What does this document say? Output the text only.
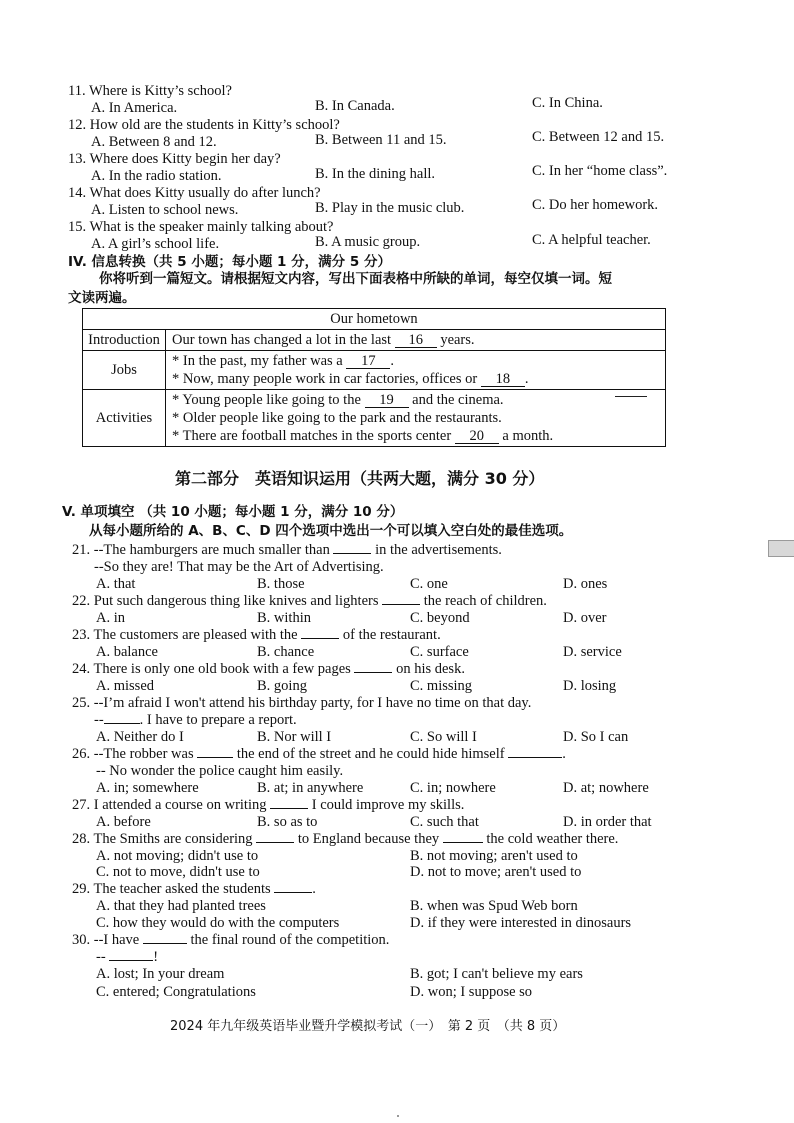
11. Where is Kitty’s school?
A. In America.	B. In Canada.	C. In China.
12. How old are the students in Kitty’s school?
A. Between 8 and 12.	B. Between 11 and 15.	C. Between 12 and 15.
13. Where does Kitty begin her day?
A. In the radio station.	B. In the dining hall.	C. In her “home class”.
14. What does Kitty usually do after lunch?
A. Listen to school news.	B. Play in the music club.	C. Do her homework.
15. What is the speaker mainly talking about?
A. A girl’s school life.	B. A music group.	C. A helpful teacher.
IV. 信息转换（共 5 小题；每小题 1 分，满分 5 分）
你将听到一篇短文。请根据短文内容，写出下面表格中所缺的单词，每空仅填一词。短
文读两遍。
Our hometown	
Introduction	Our town has changed a lot in the last 16 years.
Jobs	* In the past, my father was a 17 .
* Now, many people work in car factories, offices or 18 .

Activities	* Young people like going to the 19 and the cinema.
* Older people like going to the park and the restaurants.
* There are football matches in the sports center 20 a month.
第二部分　英语知识运用（共两大题，满分 30 分）
V. 单项填空 （共 10 小题；每小题 1 分，满分 10 分）
从每小题所给的 A、B、C、D 四个选项中选出一个可以填入空白处的最佳选项。
21. --The hamburgers are much smaller than	in the advertisements.
--So they are! That may be the Art of Advertising.
A. that	B. those	C. one	D. ones
22. Put such dangerous thing like knives and lighters	the reach of children.
A. in	B. within	C. beyond	D. over
23. The customers are pleased with the	of the restaurant.
A. balance	B. chance	C. surface	D. service
24. There is only one old book with a few pages	on his desk.
A. missed	B. going	C. missing	D. losing
25. --I’m afraid I won't attend his birthday party, for I have no time on that day.
-- . I have to prepare a report.
A. Neither do I	B. Nor will I	C. So will I	D. So I can
26. --The robber was	the end of the street and he could hide himself	.
-- No wonder the police caught him easily.
A. in; somewhere	B. at; in anywhere	C. in; nowhere	D. at; nowhere
27. I attended a course on writing	I could improve my skills.
A. before	B. so as to	C. such that	D. in order that
28. The Smiths are considering	to England because they	the cold weather there.
A. not moving; didn't use to	B. not moving; aren't used to
C. not to move, didn't use to	D. not to move; aren't used to
29. The teacher asked the students	.
A. that they had planted trees	B. when was Spud Web born
C. how they would do with the computers	D. if they were interested in dinosaurs
30. --I have	the final round of the competition.
--	!
A. lost; In your dream	B. got; I can't believe my ears
C. entered; Congratulations	D. won; I suppose so
2024 年九年级英语毕业暨升学模拟考试（一）　第 2 页　（共 8 页）
